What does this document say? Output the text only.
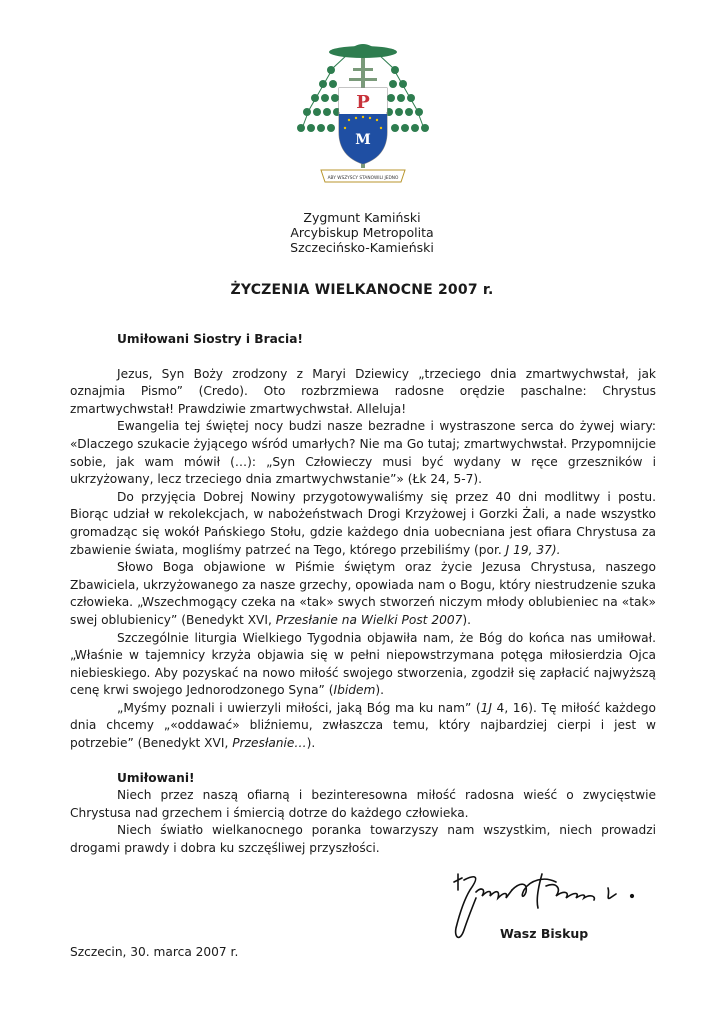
P
M
ABY WSZYSCY STANOWILI JEDNO
Zygmunt Kamiński
Arcybiskup Metropolita
Szczecińsko-Kamieński
ŻYCZENIA WIELKANOCNE 2007 r.
Umiłowani Siostry i Bracia!

Jezus, Syn Boży zrodzony z Maryi Dziewicy „trzeciego dnia zmartwychwstał, jak oznajmia Pismo” (Credo). Oto rozbrzmiewa radosne orędzie paschalne: Chrystus zmartwychwstał! Prawdziwie zmartwychwstał. Alleluja!

Ewangelia tej świętej nocy budzi nasze bezradne i wystraszone serca do żywej wiary: «Dlaczego szukacie żyjącego wśród umarłych? Nie ma Go tutaj; zmartwychwstał. Przypomnijcie sobie, jak wam mówił (…): „Syn Człowieczy musi być wydany w ręce grzeszników i ukrzyżowany, lecz trzeciego dnia zmartwychwstanie”» (Łk 24, 5-7).

Do przyjęcia Dobrej Nowiny przygotowywaliśmy się przez 40 dni modlitwy i postu. Biorąc udział w rekolekcjach, w nabożeństwach Drogi Krzyżowej i Gorzki Żali, a nade wszystko gromadząc się wokół Pańskiego Stołu, gdzie każdego dnia uobecniana jest ofiara Chrystusa za zbawienie świata, mogliśmy patrzeć na Tego, którego przebiliśmy (por. J 19, 37).

Słowo Boga objawione w Piśmie świętym oraz życie Jezusa Chrystusa, naszego Zbawiciela, ukrzyżowanego za nasze grzechy, opowiada nam o Bogu, który niestrudzenie szuka człowieka. „Wszechmogący czeka na «tak» swych stworzeń niczym młody oblubieniec na «tak» swej oblubienicy” (Benedykt XVI, Przesłanie na Wielki Post 2007).

Szczególnie liturgia Wielkiego Tygodnia objawiła nam, że Bóg do końca nas umiłował. „Właśnie w tajemnicy krzyża objawia się w pełni niepowstrzymana potęga miłosierdzia Ojca niebieskiego. Aby pozyskać na nowo miłość swojego stworzenia, zgodził się zapłacić najwyższą cenę krwi swojego Jednorodzonego Syna” (Ibidem).

„Myśmy poznali i uwierzyli miłości, jaką Bóg ma ku nam” (1J 4, 16). Tę miłość każdego dnia chcemy „«oddawać» bliźniemu, zwłaszcza temu, który najbardziej cierpi i jest w potrzebie” (Benedykt XVI, Przesłanie…).

Umiłowani!

Niech przez naszą ofiarną i bezinteresowna miłość radosna wieść o zwycięstwie Chrystusa nad grzechem i śmiercią dotrze do każdego człowieka.

Niech światło wielkanocnego poranka towarzyszy nam wszystkim, niech prowadzi drogami prawdy i dobra ku szczęśliwej przyszłości.

Wasz Biskup
Szczecin, 30. marca 2007 r.
